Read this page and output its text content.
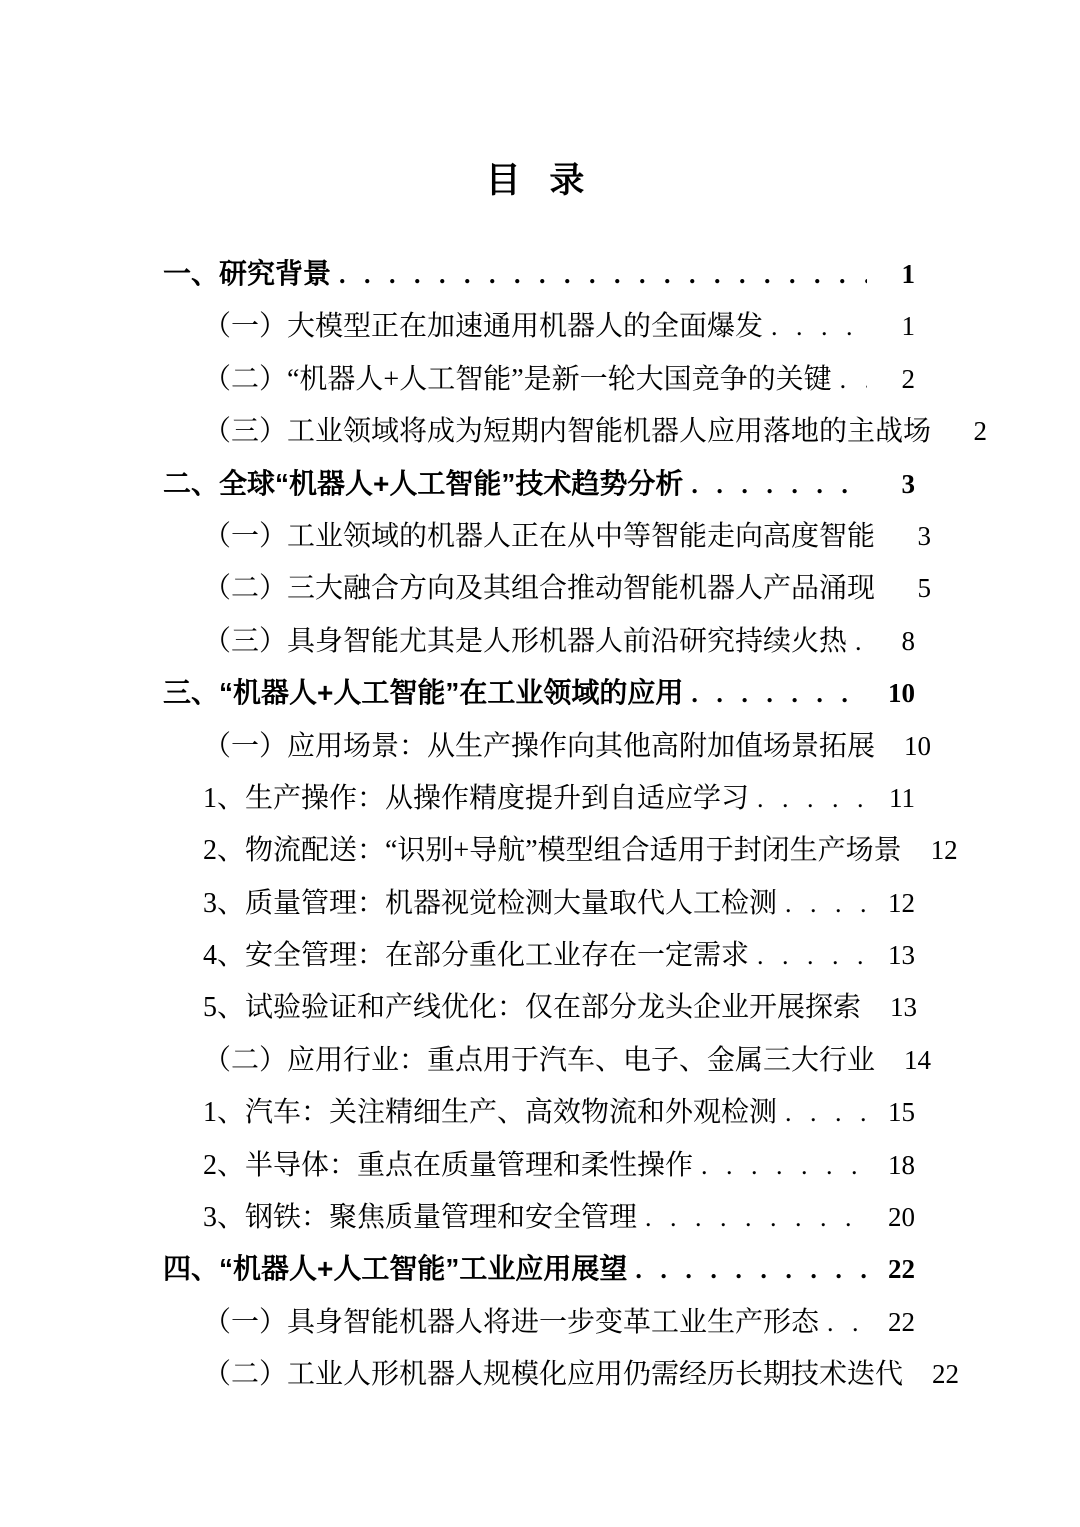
目 录
一、研究背景 . . .	1
（一）大模型正在加速通用机器人的全面爆发 . . .	1
（二）“机器人+人工智能”是新一轮大国竞争的关键 . . .	2
（三）工业领域将成为短期内智能机器人应用落地的主战场	2
二、全球“机器人+人工智能”技术趋势分析 . . .	3
（一）工业领域的机器人正在从中等智能走向高度智能	3
（二）三大融合方向及其组合推动智能机器人产品涌现	5
（三）具身智能尤其是人形机器人前沿研究持续火热 . . .	8
三、“机器人+人工智能”在工业领域的应用 . . .	10
（一）应用场景：从生产操作向其他高附加值场景拓展	10
1、生产操作：从操作精度提升到自适应学习 . . .	11
2、物流配送：“识别+导航”模型组合适用于封闭生产场景	12
3、质量管理：机器视觉检测大量取代人工检测 . . .	12
4、安全管理：在部分重化工业存在一定需求 . . .	13
5、试验验证和产线优化：仅在部分龙头企业开展探索	13
（二）应用行业：重点用于汽车、电子、金属三大行业	14
1、汽车：关注精细生产、高效物流和外观检测 . . .	15
2、半导体：重点在质量管理和柔性操作 . . .	18
3、钢铁：聚焦质量管理和安全管理 . . .	20
四、“机器人+人工智能”工业应用展望 . . .	22
（一）具身智能机器人将进一步变革工业生产形态 . . .	22
（二）工业人形机器人规模化应用仍需经历长期技术迭代	22
